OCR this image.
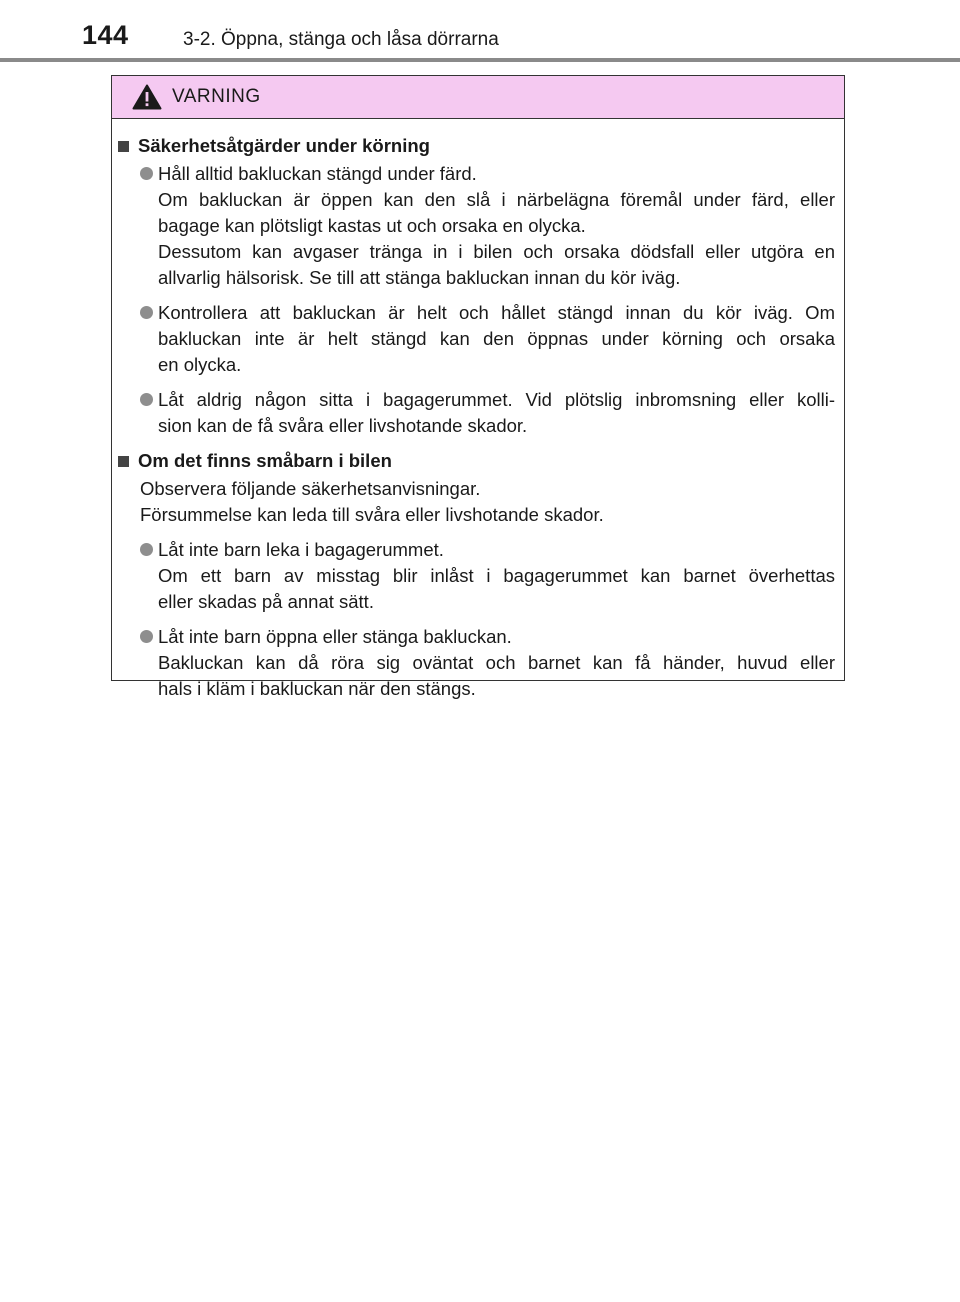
144	3-2. Öppna, stänga och låsa dörrarna
VARNING
Säkerhetsåtgärder under körning
Håll alltid bakluckan stängd under färd.
Om bakluckan är öppen kan den slå i närbelägna föremål under färd, eller
bagage kan plötsligt kastas ut och orsaka en olycka.
Dessutom kan avgaser tränga in i bilen och orsaka dödsfall eller utgöra en
allvarlig hälsorisk. Se till att stänga bakluckan innan du kör iväg.
Kontrollera att bakluckan är helt och hållet stängd innan du kör iväg. Om
bakluckan inte är helt stängd kan den öppnas under körning och orsaka
en olycka.
Låt aldrig någon sitta i bagagerummet. Vid plötslig inbromsning eller kolli-
sion kan de få svåra eller livshotande skador.
Om det finns småbarn i bilen
Observera följande säkerhetsanvisningar.
Försummelse kan leda till svåra eller livshotande skador.
Låt inte barn leka i bagagerummet.
Om ett barn av misstag blir inlåst i bagagerummet kan barnet överhettas
eller skadas på annat sätt.
Låt inte barn öppna eller stänga bakluckan.
Bakluckan kan då röra sig oväntat och barnet kan få händer, huvud eller
hals i kläm i bakluckan när den stängs.
